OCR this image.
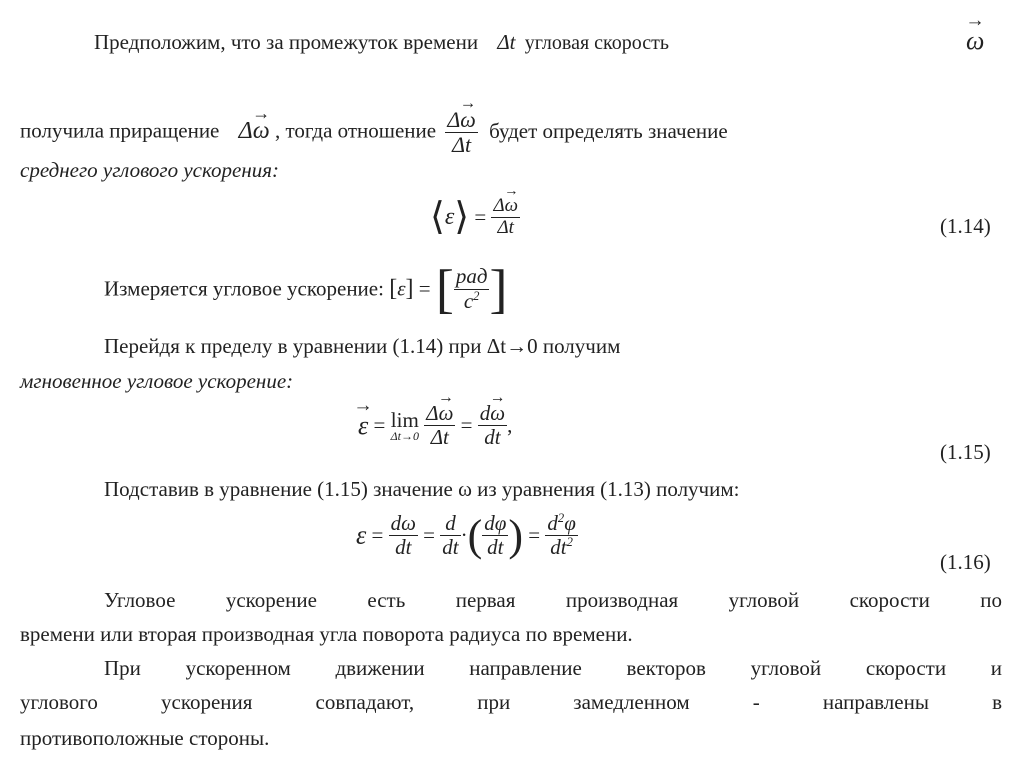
Предположим, что за промежуток времени Δt угловая скорость
→	ω
получила приращение Δ→ ω , тогда отношение $\frac{\Delta\to \omega}{\Delta t}$ будет определять значение
среднего углового ускорения:
⟨ε⟩ = $\frac{\Delta\to \omega}{\Delta t}$	(1.14)
Измеряется угловое ускорение: [ε] = [ $\frac{\text{рад}}{с^2}$ ]
Перейдя к пределу в уравнении (1.14) при Δt→0 получим
мгновенное угловое ускорение:
→ ε = lim
Δt→0
$\frac{\Delta\to \omega}{\Delta t} = \frac{d\to \omega}{dt}$ ,
(1.15)
Подставив в уравнение (1.15) значение ω из уравнения (1.13) получим:
$\varepsilon = \frac{d\omega}{dt} = \frac{d}{dt}$ ·( $\frac{d\varphi}{dt}$ ) = $\frac{d^2\varphi}{dt^2}$
(1.16)
Угловое ускорение есть первая производная угловой скорости по
времени или вторая производная угла поворота радиуса по времени.
При ускоренном движении направление векторов угловой скорости и
углового ускорения совпадают, при замедленном - направлены в
противоположные стороны.
